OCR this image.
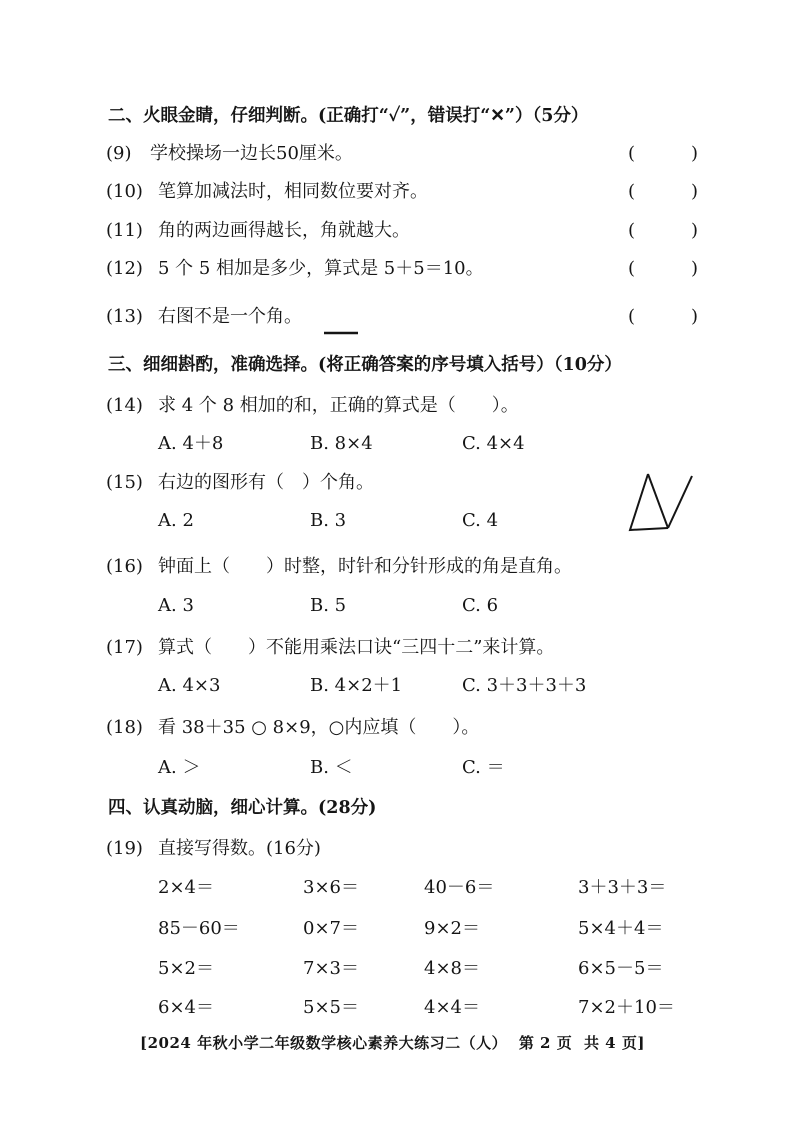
二、火眼金睛，仔细判断。(正确打“✓”，错误打“✕”）（5分）
(9) 学校操场一边长50厘米。	(	)
(10) 笔算加减法时，相同数位要对齐。	(	)
(11) 角的两边画得越长，角就越大。	(	)
(12) 5 个 5 相加是多少，算式是 5＋5＝10。	(	)
(13) 右图不是一个角。	(	)
三、细细斟酌，准确选择。(将正确答案的序号填入括号）（10分）
(14) 求 4 个 8 相加的和，正确的算式是（　　）。
A. 4＋8	B. 8×4	C. 4×4
(15) 右边的图形有（　）个角。
A. 2	B. 3	C. 4
(16) 钟面上（　　）时整，时针和分针形成的角是直角。
A. 3	B. 5	C. 6
(17) 算式（　　）不能用乘法口诀“三四十二”来计算。
A. 4×3	B. 4×2＋1	C. 3＋3＋3＋3
(18) 看 38＋35 ○ 8×9，○内应填（　　）。
A. ＞	B. ＜	C. ＝
四、认真动脑，细心计算。(28分)
(19) 直接写得数。(16分)
2×4＝	3×6＝	40－6＝	3＋3＋3＝
85－60＝	0×7＝	9×2＝	5×4＋4＝
5×2＝	7×3＝	4×8＝	6×5－5＝
6×4＝	5×5＝	4×4＝	7×2＋10＝
[2024 年秋小学二年级数学核心素养大练习二（人） 第 2 页 共 4 页]
